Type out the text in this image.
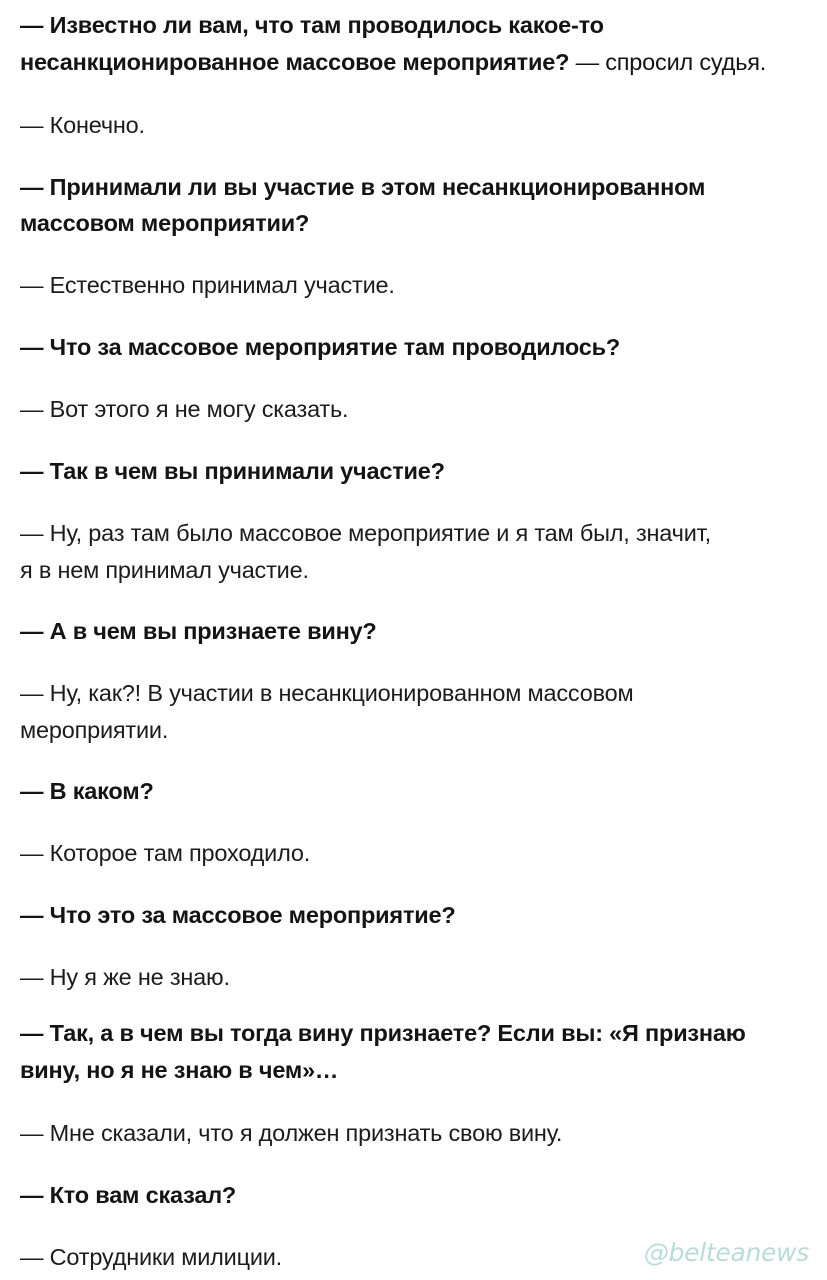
— Известно ли вам, что там проводилось какое-то
несанкционированное массовое мероприятие? — спросил судья.
— Конечно.
— Принимали ли вы участие в этом несанкционированном
массовом мероприятии?
— Естественно принимал участие.
— Что за массовое мероприятие там проводилось?
— Вот этого я не могу сказать.
— Так в чем вы принимали участие?
— Ну, раз там было массовое мероприятие и я там был, значит,
я в нем принимал участие.
— А в чем вы признаете вину?
— Ну, как?! В участии в несанкционированном массовом
мероприятии.
— В каком?
— Которое там проходило.
— Что это за массовое мероприятие?
— Ну я же не знаю.
— Так, а в чем вы тогда вину признаете? Если вы: «Я признаю
вину, но я не знаю в чем»…
— Мне сказали, что я должен признать свою вину.
— Кто вам сказал?
— Сотрудники милиции.	@belteanews
